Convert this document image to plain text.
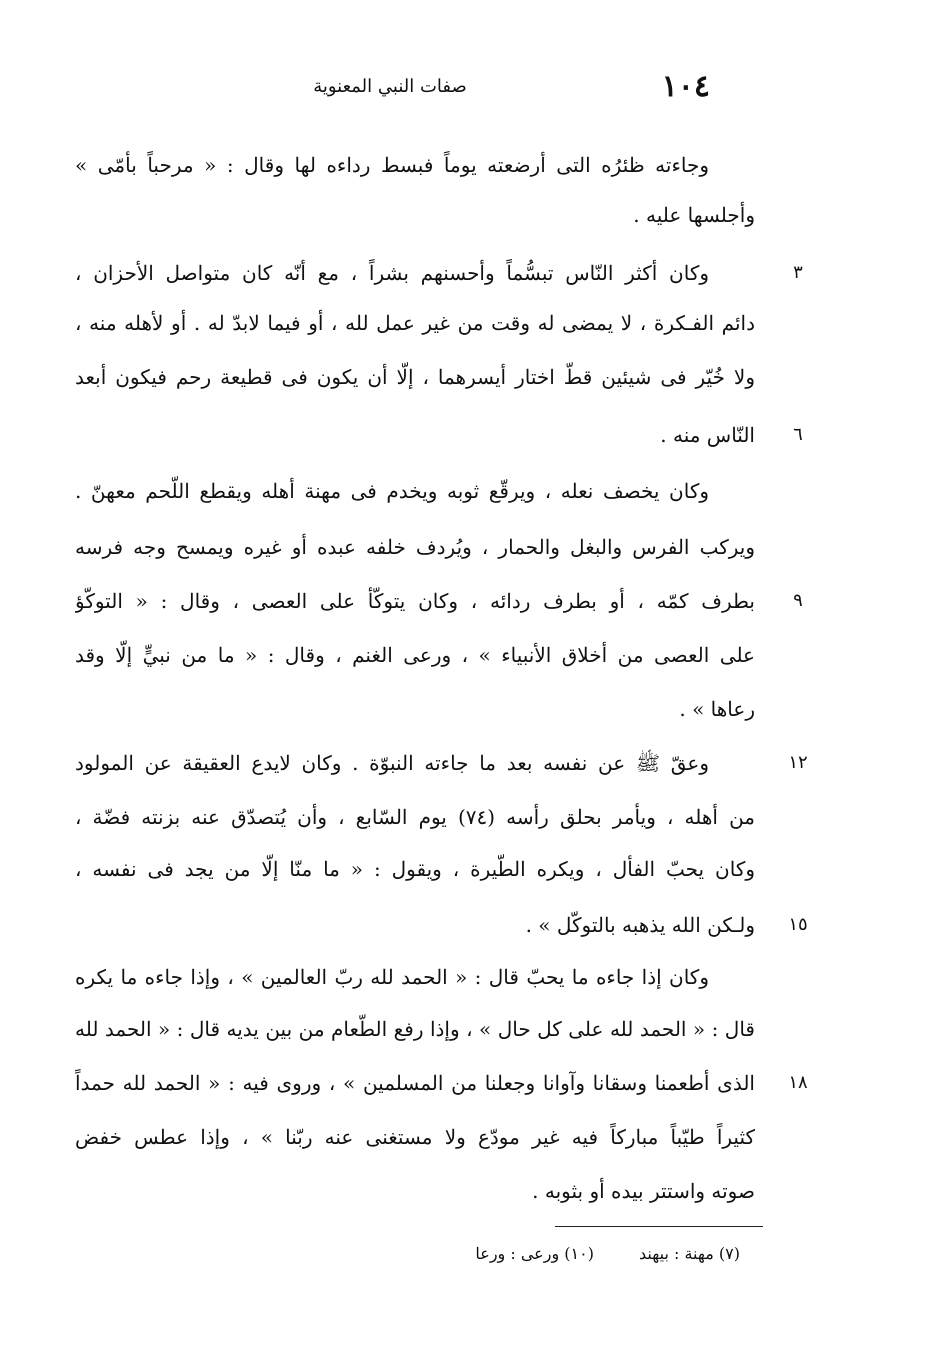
١٠٤
صفات النبي المعنوية
وجاءته ظئرُه التى أرضعته يوماً فبسط رداءه لها وقال : « مرحباً بأمّى »
وأجلسها عليه .
وكان أكثر النّاس تبسُّماً وأحسنهم بشراً ، مع أنّه كان متواصل الأحزان ،
دائم الفـكرة ، لا يمضى له وقت من غير عمل لله ، أو فيما لابدّ له . أو لأهله منه ،
ولا خُيّر فى شيئين قطّ اختار أيسرهما ، إلّا أن يكون فى قطيعة رحم فيكون أبعد
النّاس منه .
وكان يخصف نعله ، ويرقّع ثوبه ويخدم فى مهنة أهله ويقطع اللّحم معهنّ .
ويركب الفرس والبغل والحمار ، ويُردف خلفه عبده أو غيره ويمسح وجه فرسه
بطرف كمّه ، أو بطرف ردائه ، وكان يتوكّأ على العصى ، وقال : « التوكّؤ
على العصى من أخلاق الأنبياء » ، ورعى الغنم ، وقال : « ما من نبيٍّ إلّا وقد
رعاها » .
وعقّ ﷺ عن نفسه بعد ما جاءته النبوّة . وكان لايدع العقيقة عن المولود
من أهله ، ويأمر بحلق رأسه (٧٤) يوم السّابع ، وأن يُتصدّق عنه بزنته فضّة ،
وكان يحبّ الفأل ، ويكره الطّيرة ، ويقول : « ما منّا إلّا من يجد فى نفسه ،
ولـكن الله يذهبه بالتوكّل » .
وكان إذا جاءه ما يحبّ قال : « الحمد لله ربّ العالمين » ، وإذا جاءه ما يكره
قال : « الحمد لله على كل حال » ، وإذا رفع الطّعام من بين يديه قال : « الحمد لله
الذى أطعمنا وسقانا وآوانا وجعلنا من المسلمين » ، وروى فيه : « الحمد لله حمداً
كثيراً طيّباً مباركاً فيه غير مودّع ولا مستغنى عنه ربّنا » ، وإذا عطس خفض
صوته واستتر بيده أو بثوبه .
٣
٦
٩
١٢
١٥
١٨
(٧) مهنة : بيهند (١٠) ورعى : ورعا
